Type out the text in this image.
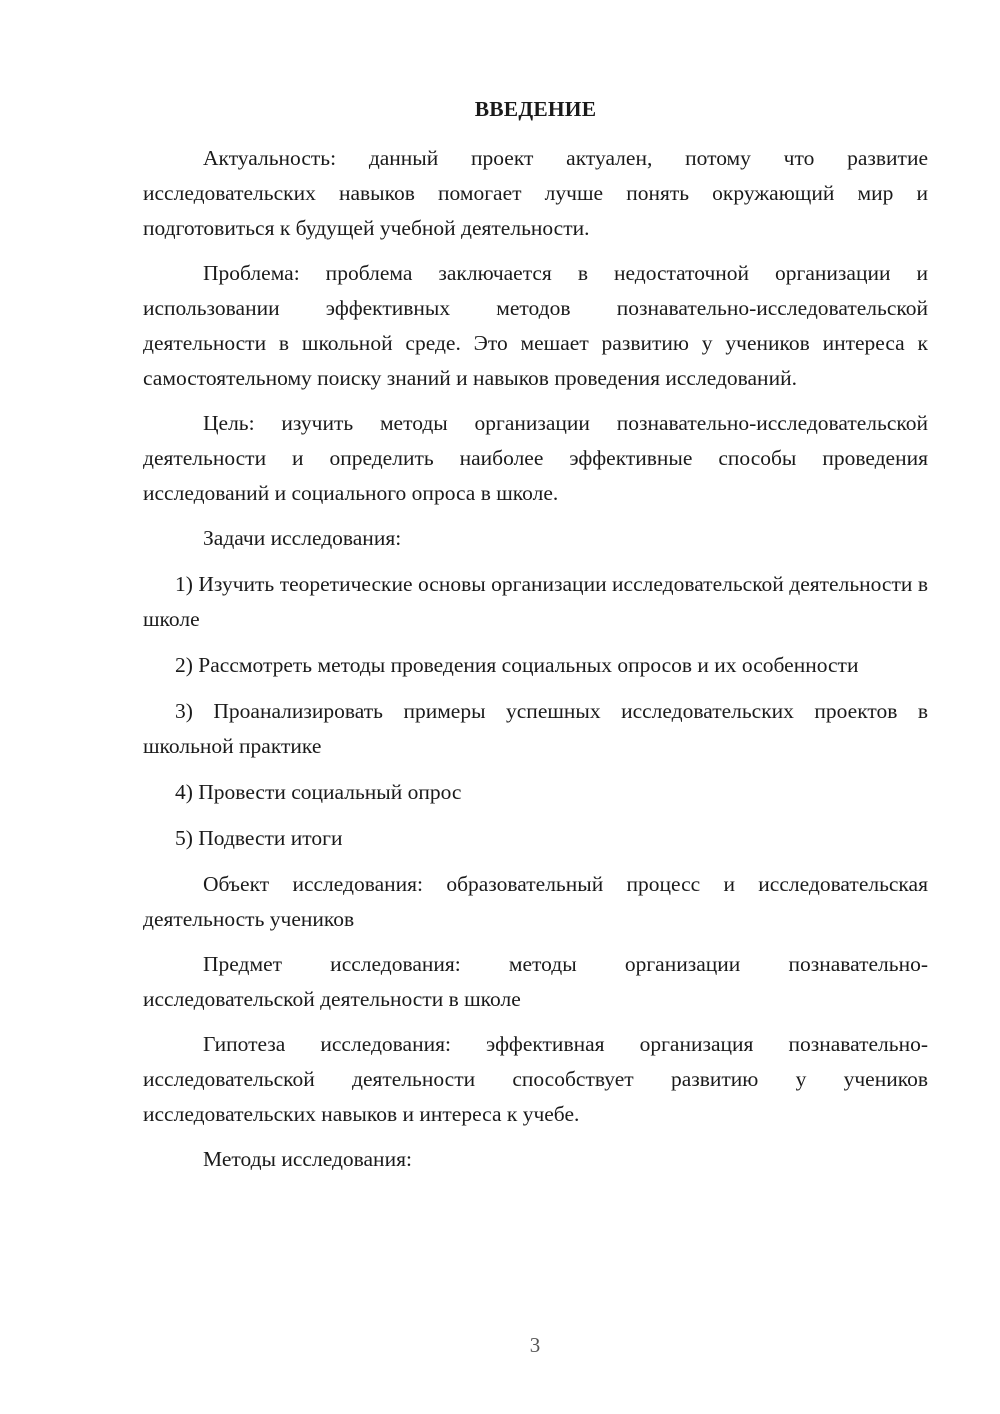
ВВЕДЕНИЕ

Актуальность: данный проект актуален, потому что развитие исследовательских навыков помогает лучше понять окружающий мир и подготовиться к будущей учебной деятельности.

Проблема: проблема заключается в недостаточной организации и использовании эффективных методов познавательно-исследовательской деятельности в школьной среде. Это мешает развитию у учеников интереса к самостоятельному поиску знаний и навыков проведения исследований.

Цель: изучить методы организации познавательно-исследовательской деятельности и определить наиболее эффективные способы проведения исследований и социального опроса в школе.

Задачи исследования:

1) Изучить теоретические основы организации исследовательской деятельности в школе

2) Рассмотреть методы проведения социальных опросов и их особенности

3) Проанализировать примеры успешных исследовательских проектов в школьной практике

4) Провести социальный опрос

5) Подвести итоги

Объект исследования: образовательный процесс и исследовательская деятельность учеников

Предмет исследования: методы организации познавательно-исследовательской деятельности в школе

Гипотеза исследования: эффективная организация познавательно-исследовательской деятельности способствует развитию у учеников исследовательских навыков и интереса к учебе.

Методы исследования:

3
